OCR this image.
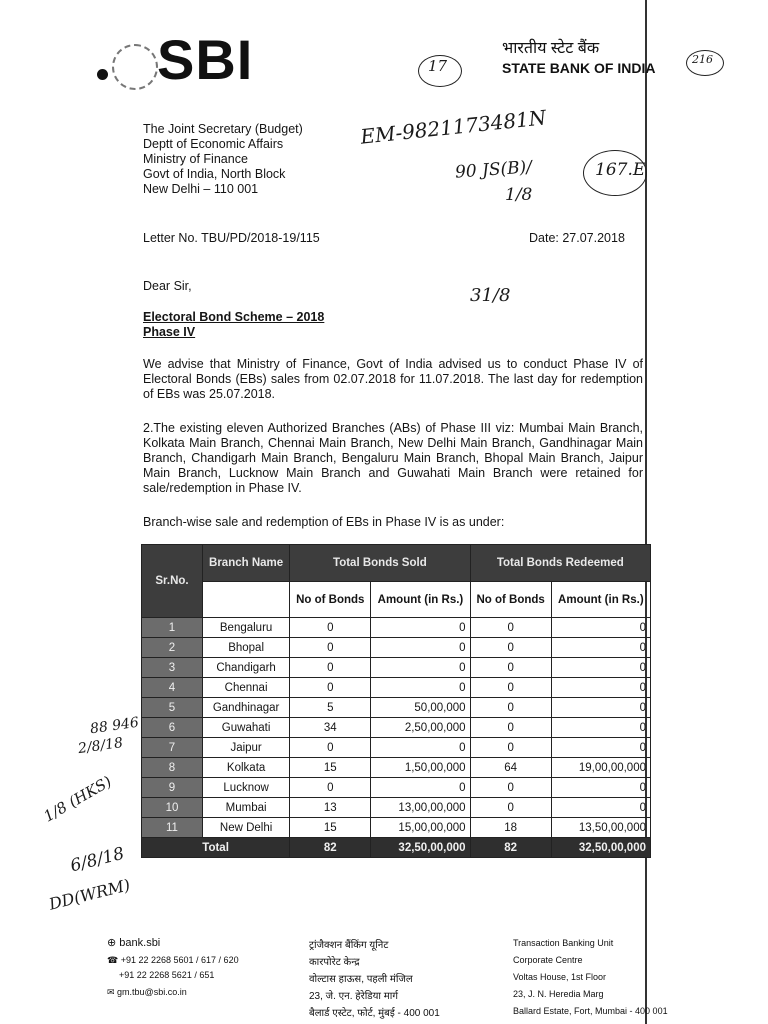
SBI	भारतीय स्टेट बैंक
STATE BANK OF INDIA
17	216
EM-9821173481N
90 JS(B)/
1/8
167.E
31/8
88 946
2/8/18
1/8 (HKS)
6/8/18
DD(WRM)
The Joint Secretary (Budget)
Deptt of Economic Affairs
Ministry of Finance
Govt of India, North Block
New Delhi – 110 001
Letter No. TBU/PD/2018-19/115	Date: 27.07.2018
Dear Sir,
Electoral Bond Scheme – 2018
Phase IV
We advise that Ministry of Finance, Govt of India advised us to conduct Phase IV of Electoral Bonds (EBs) sales from 02.07.2018 for 11.07.2018. The last day for redemption of EBs was 25.07.2018.
2.The existing eleven Authorized Branches (ABs) of Phase III viz: Mumbai Main Branch, Kolkata Main Branch, Chennai Main Branch, New Delhi Main Branch, Gandhinagar Main Branch, Chandigarh Main Branch, Bengaluru Main Branch, Bhopal Main Branch, Jaipur Main Branch, Lucknow Main Branch and Guwahati Main Branch were retained for sale/redemption in Phase IV.
Branch-wise sale and redemption of EBs in Phase IV is as under:
Sr.No.	Branch Name	Total Bonds Sold		Total Bonds Redeemed	
		No of Bonds	Amount (in Rs.)	No of Bonds	Amount (in Rs.)
1	Bengaluru	0	0	0	0
2	Bhopal	0	0	0	0
3	Chandigarh	0	0	0	0
4	Chennai	0	0	0	0
5	Gandhinagar	5	50,00,000	0	0
6	Guwahati	34	2,50,00,000	0	0
7	Jaipur	0	0	0	0
8	Kolkata	15	1,50,00,000	64	19,00,00,000
9	Lucknow	0	0	0	0
10	Mumbai	13	13,00,00,000	0	0
11	New Delhi	15	15,00,00,000	18	13,50,00,000
Total		82	32,50,00,000	82	32,50,00,000
⊕ bank.sbi
☎ +91 22 2268 5601 / 617 / 620
+91 22 2268 5621 / 651
✉ gm.tbu@sbi.co.in
ट्रांजैक्शन बैंकिंग यूनिट
कारपोरेट केन्द्र
वोल्टास हाऊस, पहली मंजिल
23, जे. एन. हेरेडिया मार्ग
बैलार्ड एस्टेट, फोर्ट, मुंबई - 400 001
Transaction Banking Unit
Corporate Centre
Voltas House, 1st Floor
23, J. N. Heredia Marg
Ballard Estate, Fort, Mumbai - 400 001
